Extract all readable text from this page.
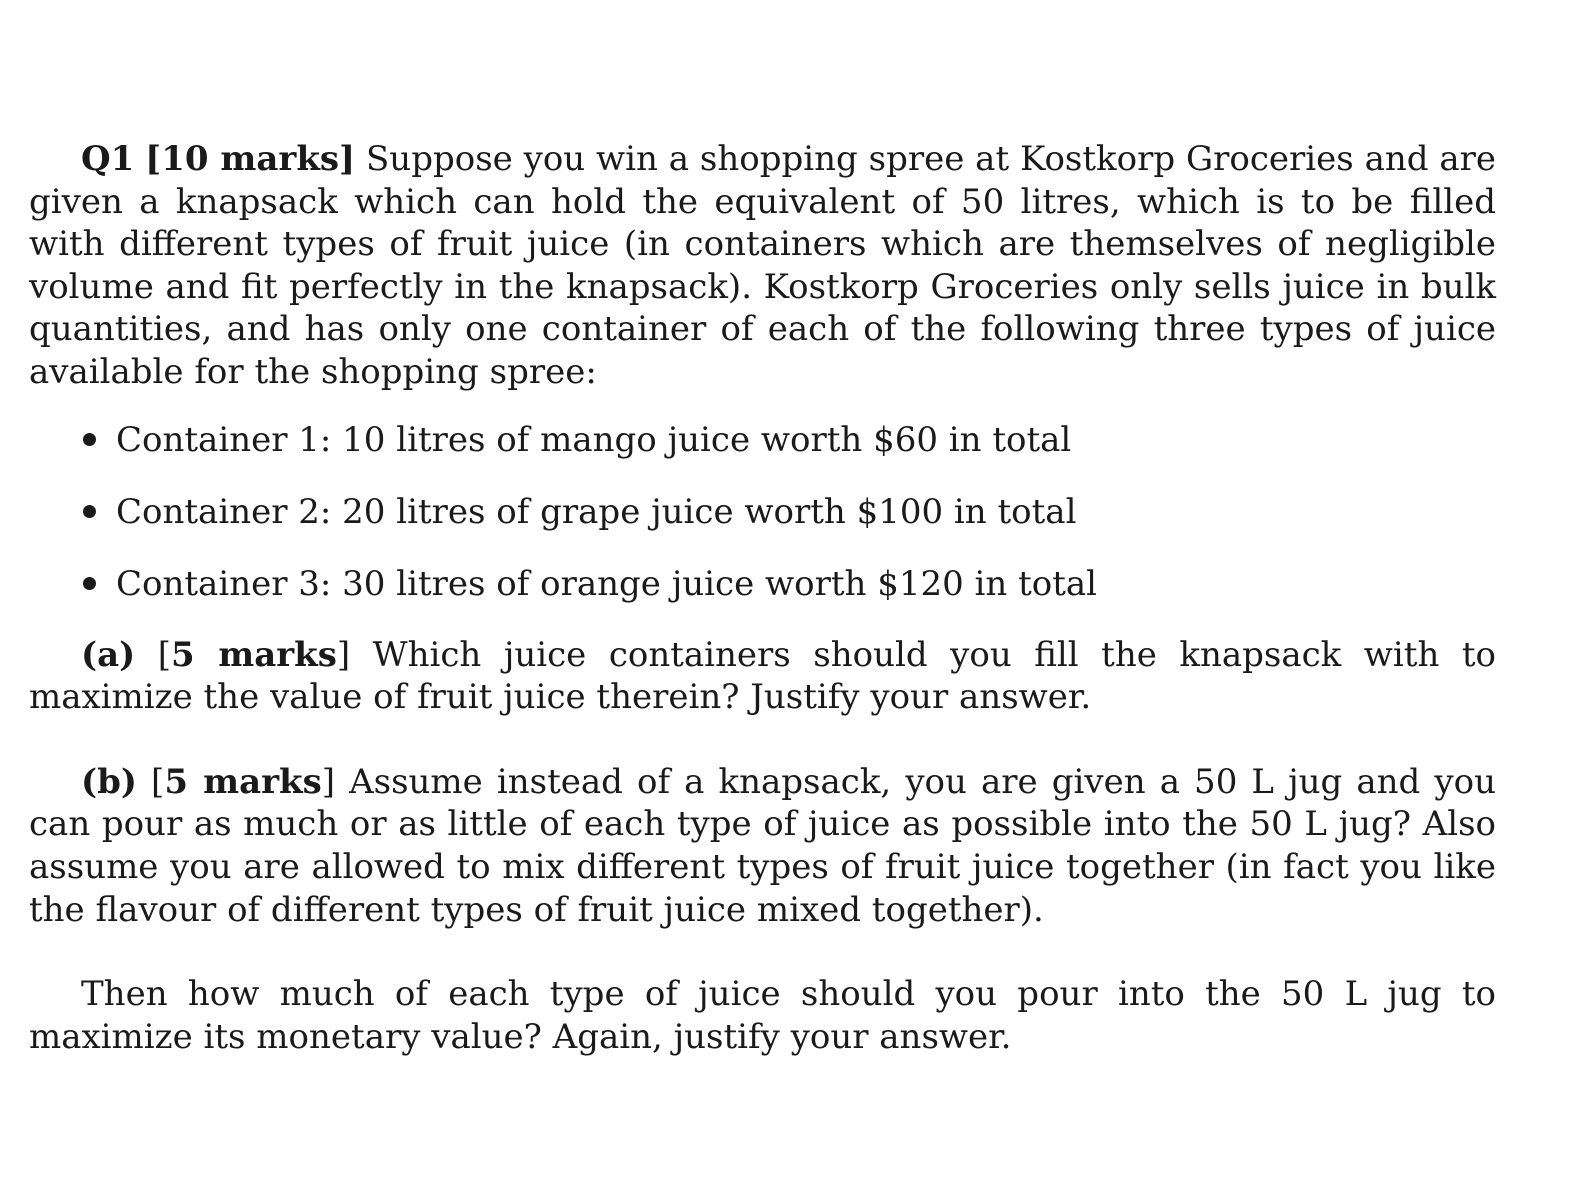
Q1 [10 marks] Suppose you win a shopping spree at Kostkorp Groceries and are given a knapsack which can hold the equivalent of 50 litres, which is to be filled with different types of fruit juice (in containers which are themselves of negligible volume and fit perfectly in the knapsack). Kostkorp Groceries only sells juice in bulk quantities, and has only one container of each of the following three types of juice available for the shopping spree:

Container 1: 10 litres of mango juice worth $60 in total
Container 2: 20 litres of grape juice worth $100 in total
Container 3: 30 litres of orange juice worth $120 in total

(a) [5 marks] Which juice containers should you fill the knapsack with to maximize the value of fruit juice therein? Justify your answer.

(b) [5 marks] Assume instead of a knapsack, you are given a 50 L jug and you can pour as much or as little of each type of juice as possible into the 50 L jug? Also assume you are allowed to mix different types of fruit juice together (in fact you like the flavour of different types of fruit juice mixed together).

Then how much of each type of juice should you pour into the 50 L jug to maximize its monetary value? Again, justify your answer.
